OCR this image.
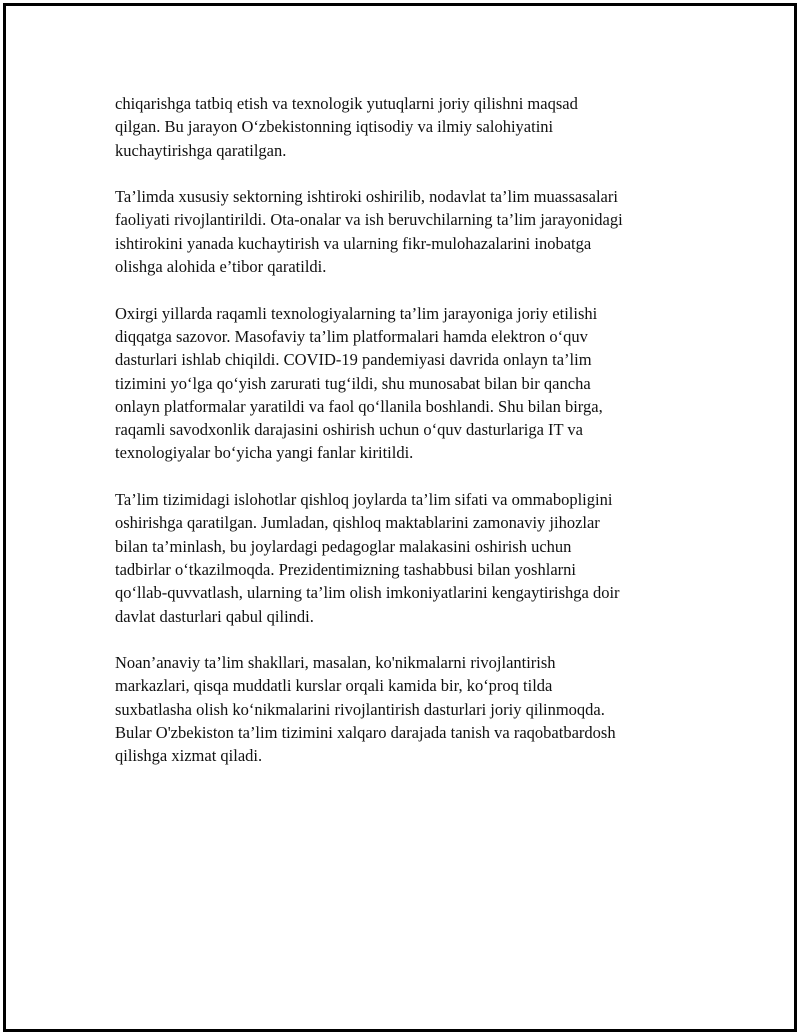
chiqarishga tatbiq etish va texnologik yutuqlarni joriy qilishni maqsad
qilgan. Bu jarayon O‘zbekistonning iqtisodiy va ilmiy salohiyatini
kuchaytirishga qaratilgan.
Ta’limda xususiy sektorning ishtiroki oshirilib, nodavlat ta’lim muassasalari
faoliyati rivojlantirildi. Ota-onalar va ish beruvchilarning ta’lim jarayonidagi
ishtirokini yanada kuchaytirish va ularning fikr-mulohazalarini inobatga
olishga alohida e’tibor qaratildi.
Oxirgi yillarda raqamli texnologiyalarning ta’lim jarayoniga joriy etilishi
diqqatga sazovor. Masofaviy ta’lim platformalari hamda elektron o‘quv
dasturlari ishlab chiqildi. COVID-19 pandemiyasi davrida onlayn ta’lim
tizimini yo‘lga qo‘yish zarurati tug‘ildi, shu munosabat bilan bir qancha
onlayn platformalar yaratildi va faol qo‘llanila boshlandi. Shu bilan birga,
raqamli savodxonlik darajasini oshirish uchun o‘quv dasturlariga IT va
texnologiyalar bo‘yicha yangi fanlar kiritildi.
Ta’lim tizimidagi islohotlar qishloq joylarda ta’lim sifati va ommabopligini
oshirishga qaratilgan. Jumladan, qishloq maktablarini zamonaviy jihozlar
bilan ta’minlash, bu joylardagi pedagoglar malakasini oshirish uchun
tadbirlar o‘tkazilmoqda. Prezidentimizning tashabbusi bilan yoshlarni
qo‘llab-quvvatlash, ularning ta’lim olish imkoniyatlarini kengaytirishga doir
davlat dasturlari qabul qilindi.
Noan’anaviy ta’lim shakllari, masalan, ko'nikmalarni rivojlantirish
markazlari, qisqa muddatli kurslar orqali kamida bir, ko‘proq tilda
suxbatlasha olish ko‘nikmalarini rivojlantirish dasturlari joriy qilinmoqda.
Bular O'zbekiston ta’lim tizimini xalqaro darajada tanish va raqobatbardosh
qilishga xizmat qiladi.
